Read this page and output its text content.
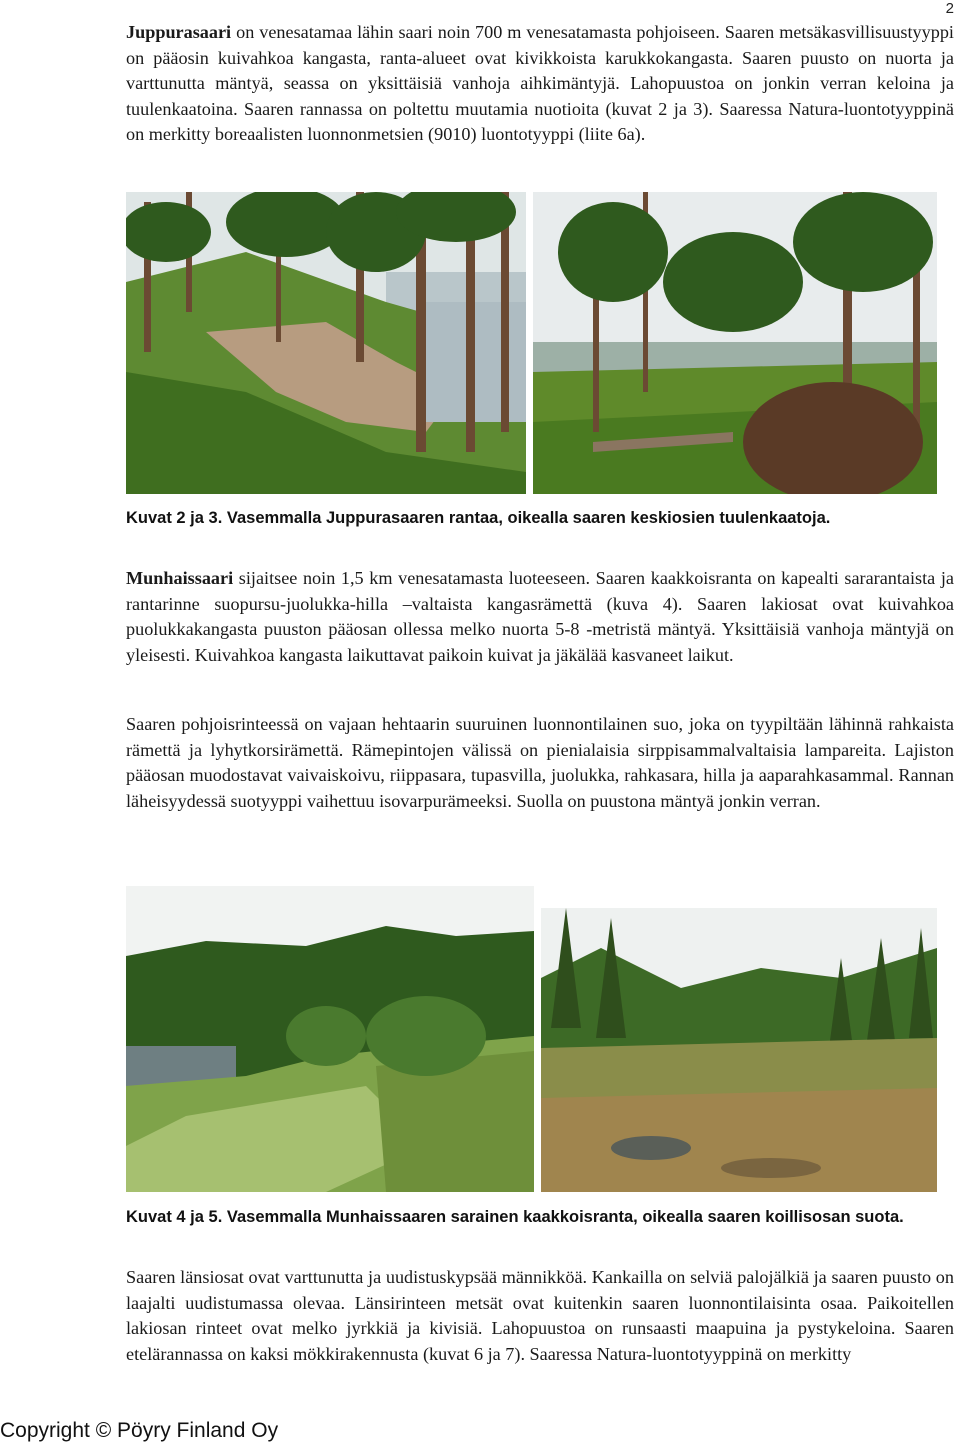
2
Juppurasaari on venesatamaa lähin saari noin 700 m venesatamasta pohjoiseen. Saaren metsäkasvillisuustyyppi on pääosin kuivahkoa kangasta, ranta-alueet ovat kivikkoista karukkokangasta. Saaren puusto on nuorta ja varttunutta mäntyä, seassa on yksittäisiä vanhoja aihkimäntyjä. Lahopuustoa on jonkin verran keloina ja tuulenkaatoina. Saaren rannassa on poltettu muutamia nuotioita (kuvat 2 ja 3). Saaressa Natura-luontotyyppinä on merkitty boreaalisten luonnonmetsien (9010) luontotyyppi (liite 6a).
Kuvat 2 ja 3. Vasemmalla Juppurasaaren rantaa, oikealla saaren keskiosien tuulenkaatoja.
Munhaissaari sijaitsee noin 1,5 km venesatamasta luoteeseen. Saaren kaakkoisranta on kapealti sararantaista ja rantarinne suopursu-juolukka-hilla –valtaista kangasrämettä (kuva 4). Saaren lakiosat ovat kuivahkoa puolukkakangasta puuston pääosan ollessa melko nuorta 5-8 -metristä mäntyä. Yksittäisiä vanhoja mäntyjä on yleisesti. Kuivahkoa kangasta laikuttavat paikoin kuivat ja jäkälää kasvaneet laikut.
Saaren pohjoisrinteessä on vajaan hehtaarin suuruinen luonnontilainen suo, joka on tyypiltään lähinnä rahkaista rämettä ja lyhytkorsirämettä. Rämepintojen välissä on pienialaisia sirppisammalvaltaisia lampareita. Lajiston pääosan muodostavat vaivaiskoivu, riippasara, tupasvilla, juolukka, rahkasara, hilla ja aaparahkasammal. Rannan läheisyydessä suotyyppi vaihettuu isovarpurämeeksi. Suolla on puustona mäntyä jonkin verran.
Kuvat 4 ja 5. Vasemmalla Munhaissaaren sarainen kaakkoisranta, oikealla saaren koillisosan suota.
Saaren länsiosat ovat varttunutta ja uudistuskypsää männikköä. Kankailla on selviä palojälkiä ja saaren puusto on laajalti uudistumassa olevaa. Länsirinteen metsät ovat kuitenkin saaren luonnontilaisinta osaa. Paikoitellen lakiosan rinteet ovat melko jyrkkiä ja kivisiä. Lahopuustoa on runsaasti maapuina ja pystykeloina. Saaren etelärannassa on kaksi mökkirakennusta (kuvat 6 ja 7). Saaressa Natura-luontotyyppinä on merkitty
Copyright © Pöyry Finland Oy
